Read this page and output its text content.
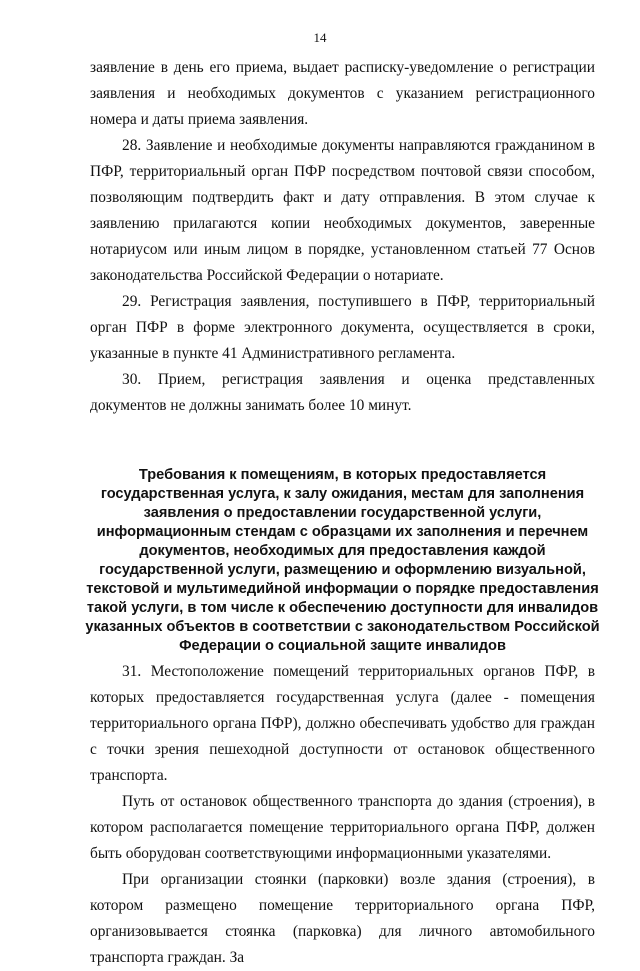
14

заявление в день его приема, выдает расписку-уведомление о регистрации заявления и необходимых документов с указанием регистрационного номера и даты приема заявления.

28. Заявление и необходимые документы направляются гражданином в ПФР, территориальный орган ПФР посредством почтовой связи способом, позволяющим подтвердить факт и дату отправления. В этом случае к заявлению прилагаются копии необходимых документов, заверенные нотариусом или иным лицом в порядке, установленном статьей 77 Основ законодательства Российской Федерации о нотариате.

29. Регистрация заявления, поступившего в ПФР, территориальный орган ПФР в форме электронного документа, осуществляется в сроки, указанные в пункте 41 Административного регламента.

30. Прием, регистрация заявления и оценка представленных документов не должны занимать более 10 минут.

Требования к помещениям, в которых предоставляется государственная услуга, к залу ожидания, местам для заполнения заявления о предоставлении государственной услуги, информационным стендам с образцами их заполнения и перечнем документов, необходимых для предоставления каждой государственной услуги, размещению и оформлению визуальной, текстовой и мультимедийной информации о порядке предоставления такой услуги, в том числе к обеспечению доступности для инвалидов указанных объектов в соответствии с законодательством Российской Федерации о социальной защите инвалидов

31. Местоположение помещений территориальных органов ПФР, в которых предоставляется государственная услуга (далее - помещения территориального органа ПФР), должно обеспечивать удобство для граждан с точки зрения пешеходной доступности от остановок общественного транспорта.

Путь от остановок общественного транспорта до здания (строения), в котором располагается помещение территориального органа ПФР, должен быть оборудован соответствующими информационными указателями.

При организации стоянки (парковки) возле здания (строения), в котором размещено помещение территориального органа ПФР, организовывается стоянка (парковка) для личного автомобильного транспорта граждан. За
